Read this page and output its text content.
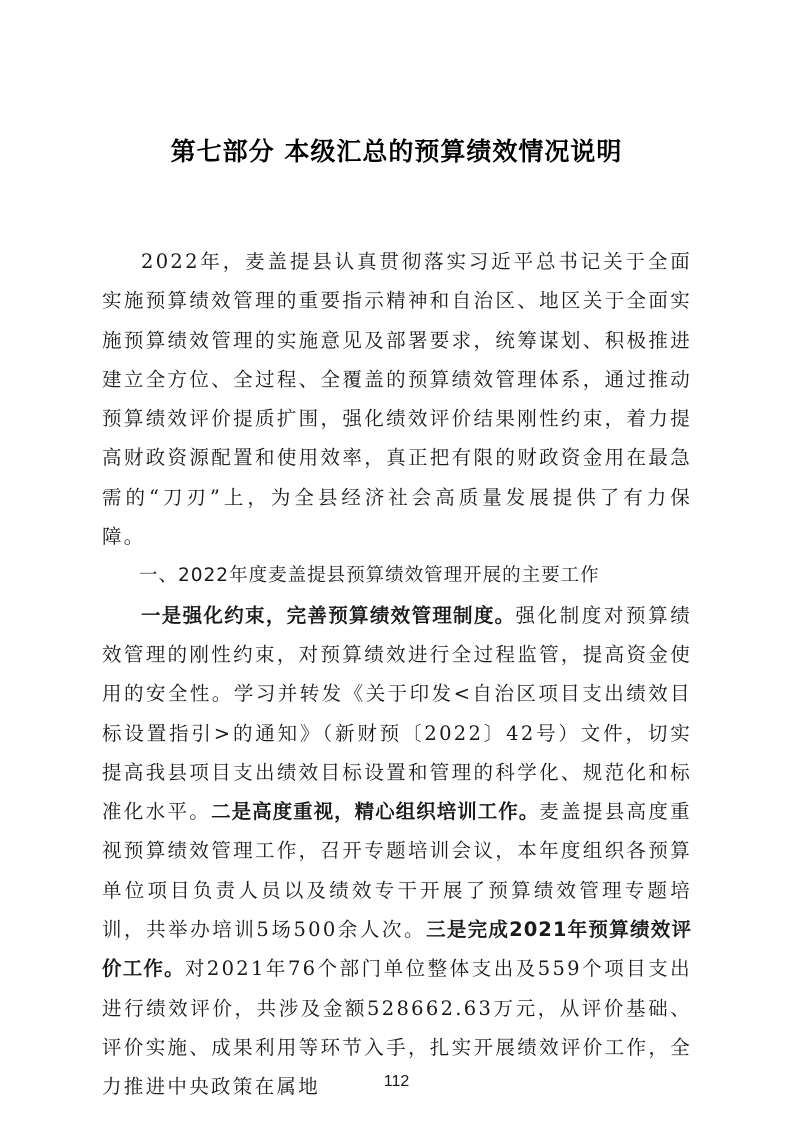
第七部分 本级汇总的预算绩效情况说明

2022年，麦盖提县认真贯彻落实习近平总书记关于全面实施预算绩效管理的重要指示精神和自治区、地区关于全面实施预算绩效管理的实施意见及部署要求，统筹谋划、积极推进建立全方位、全过程、全覆盖的预算绩效管理体系，通过推动预算绩效评价提质扩围，强化绩效评价结果刚性约束，着力提高财政资源配置和使用效率，真正把有限的财政资金用在最急需的“刀刃”上，为全县经济社会高质量发展提供了有力保障。

一、2022年度麦盖提县预算绩效管理开展的主要工作

一是强化约束，完善预算绩效管理制度。强化制度对预算绩效管理的刚性约束，对预算绩效进行全过程监管，提高资金使用的安全性。学习并转发《关于印发<自治区项目支出绩效目标设置指引>的通知》（新财预〔2022〕42号）文件，切实提高我县项目支出绩效目标设置和管理的科学化、规范化和标准化水平。二是高度重视，精心组织培训工作。麦盖提县高度重视预算绩效管理工作，召开专题培训会议，本年度组织各预算单位项目负责人员以及绩效专干开展了预算绩效管理专题培训，共举办培训5场500余人次。三是完成2021年预算绩效评价工作。对2021年76个部门单位整体支出及559个项目支出进行绩效评价，共涉及金额528662.63万元，从评价基础、评价实施、成果利用等环节入手，扎实开展绩效评价工作，全力推进中央政策在属地	112
